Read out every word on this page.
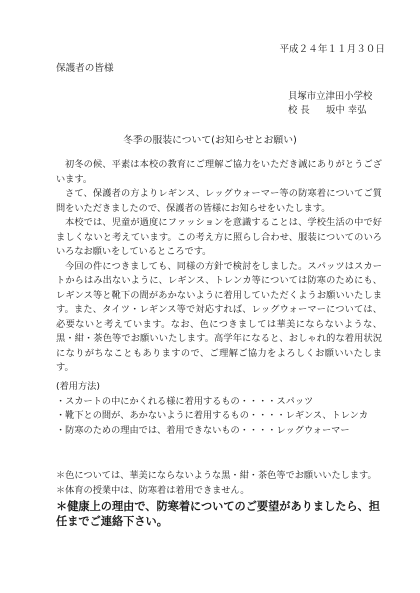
平成２４年１１月３０日
保護者の皆様
貝塚市立津田小学校
校 長 坂中 幸弘
冬季の服装について(お知らせとお願い)

初冬の候、平素は本校の教育にご理解ご協力をいただき誠にありがとうございます。

さて、保護者の方よりレギンス、レッグウォーマー等の防寒着についてご質問をいただきましたので、保護者の皆様にお知らせをいたします。

本校では、児童が過度にファッションを意識することは、学校生活の中で好ましくないと考えています。この考え方に照らし合わせ、服装についてのいろいろなお願いをしているところです。

今回の件につきましても、同様の方針で検討をしました。スパッツはスカートからはみ出ないように、レギンス、トレンカ等については防寒のためにも、レギンス等と靴下の間があかないように着用していただくようお願いいたします。また、タイツ・レギンス等で対応すれば、レッグウォーマーについては、必要ないと考えています。なお、色につきましては華美にならないような、黒・紺・茶色等でお願いいたします。高学年になると、おしゃれ的な着用状況になりがちなこともありますので、ご理解ご協力をよろしくお願いいたします。

(着用方法)
・スカートの中にかくれる様に着用するもの・・・・スパッツ
・靴下との間が、あかないように着用するもの・・・・レギンス、トレンカ
・防寒のための理由では、着用できないもの・・・・レッグウォーマー
＊色については、華美にならないような黒・紺・茶色等でお願いいたします。
＊体育の授業中は、防寒着は着用できません。
＊健康上の理由で、防寒着についてのご要望がありましたら、担任までご連絡下さい。
